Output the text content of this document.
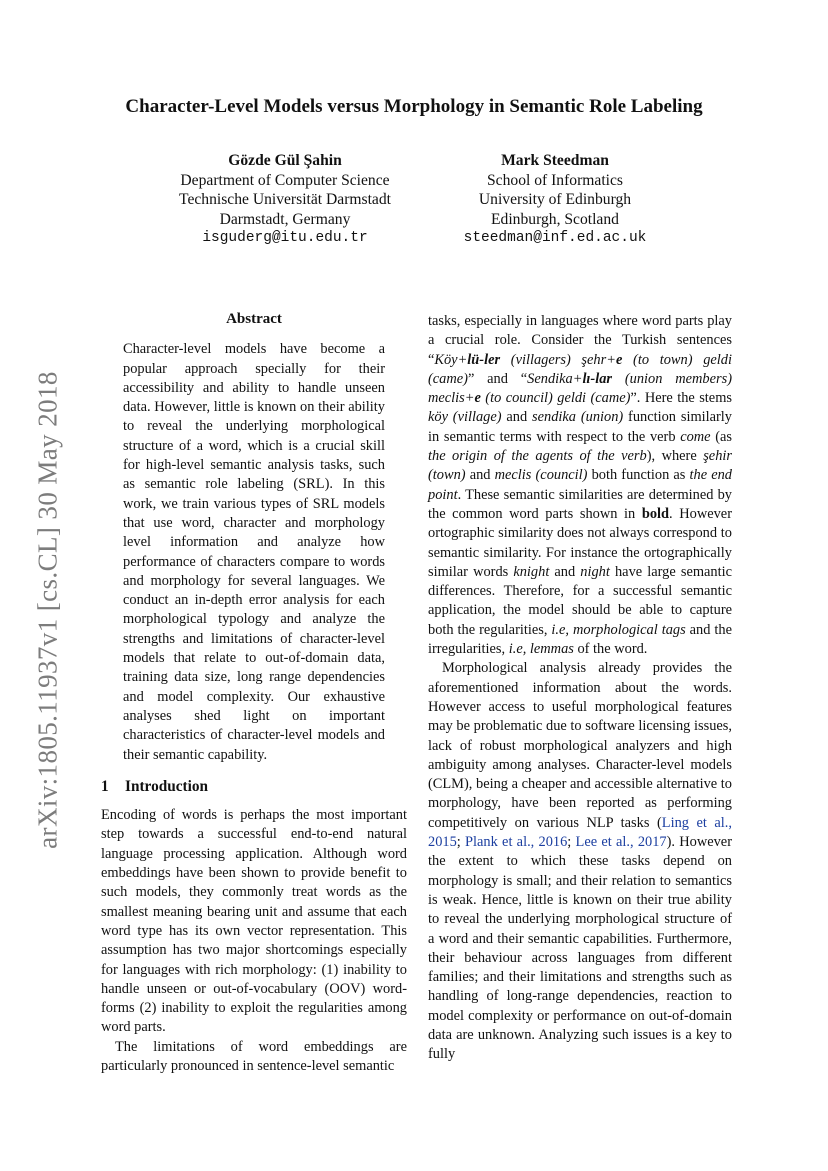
Character-Level Models versus Morphology in Semantic Role Labeling
Gözde Gül Şahin
Department of Computer Science
Technische Universität Darmstadt
Darmstadt, Germany
isguderg@itu.edu.tr
Mark Steedman
School of Informatics
University of Edinburgh
Edinburgh, Scotland
steedman@inf.ed.ac.uk
arXiv:1805.11937v1 [cs.CL] 30 May 2018
Abstract

Character-level models have become a popular approach specially for their accessibility and ability to handle unseen data. However, little is known on their ability to reveal the underlying morphological structure of a word, which is a crucial skill for high-level semantic analysis tasks, such as semantic role labeling (SRL). In this work, we train various types of SRL models that use word, character and morphology level information and analyze how performance of characters compare to words and morphology for several languages. We conduct an in-depth error analysis for each morphological typology and analyze the strengths and limitations of character-level models that relate to out-of-domain data, training data size, long range dependencies and model complexity. Our exhaustive analyses shed light on important characteristics of character-level models and their semantic capability.

1 Introduction

Encoding of words is perhaps the most important step towards a successful end-to-end natural language processing application. Although word embeddings have been shown to provide benefit to such models, they commonly treat words as the smallest meaning bearing unit and assume that each word type has its own vector representation. This assumption has two major shortcomings especially for languages with rich morphology: (1) inability to handle unseen or out-of-vocabulary (OOV) word-forms (2) inability to exploit the regularities among word parts.

The limitations of word embeddings are particularly pronounced in sentence-level semantic

tasks, especially in languages where word parts play a crucial role. Consider the Turkish sentences “Köy+lü-ler (villagers) şehr+e (to town) geldi (came)” and “Sendika+lı-lar (union members) meclis+e (to council) geldi (came)”. Here the stems köy (village) and sendika (union) function similarly in semantic terms with respect to the verb come (as the origin of the agents of the verb), where şehir (town) and meclis (council) both function as the end point. These semantic similarities are determined by the common word parts shown in bold. However ortographic similarity does not always correspond to semantic similarity. For instance the ortographically similar words knight and night have large semantic differences. Therefore, for a successful semantic application, the model should be able to capture both the regularities, i.e, morphological tags and the irregularities, i.e, lemmas of the word.

Morphological analysis already provides the aforementioned information about the words. However access to useful morphological features may be problematic due to software licensing issues, lack of robust morphological analyzers and high ambiguity among analyses. Character-level models (CLM), being a cheaper and accessible alternative to morphology, have been reported as performing competitively on various NLP tasks (Ling et al., 2015; Plank et al., 2016; Lee et al., 2017). However the extent to which these tasks depend on morphology is small; and their relation to semantics is weak. Hence, little is known on their true ability to reveal the underlying morphological structure of a word and their semantic capabilities. Furthermore, their behaviour across languages from different families; and their limitations and strengths such as handling of long-range dependencies, reaction to model complexity or performance on out-of-domain data are unknown. Analyzing such issues is a key to fully
